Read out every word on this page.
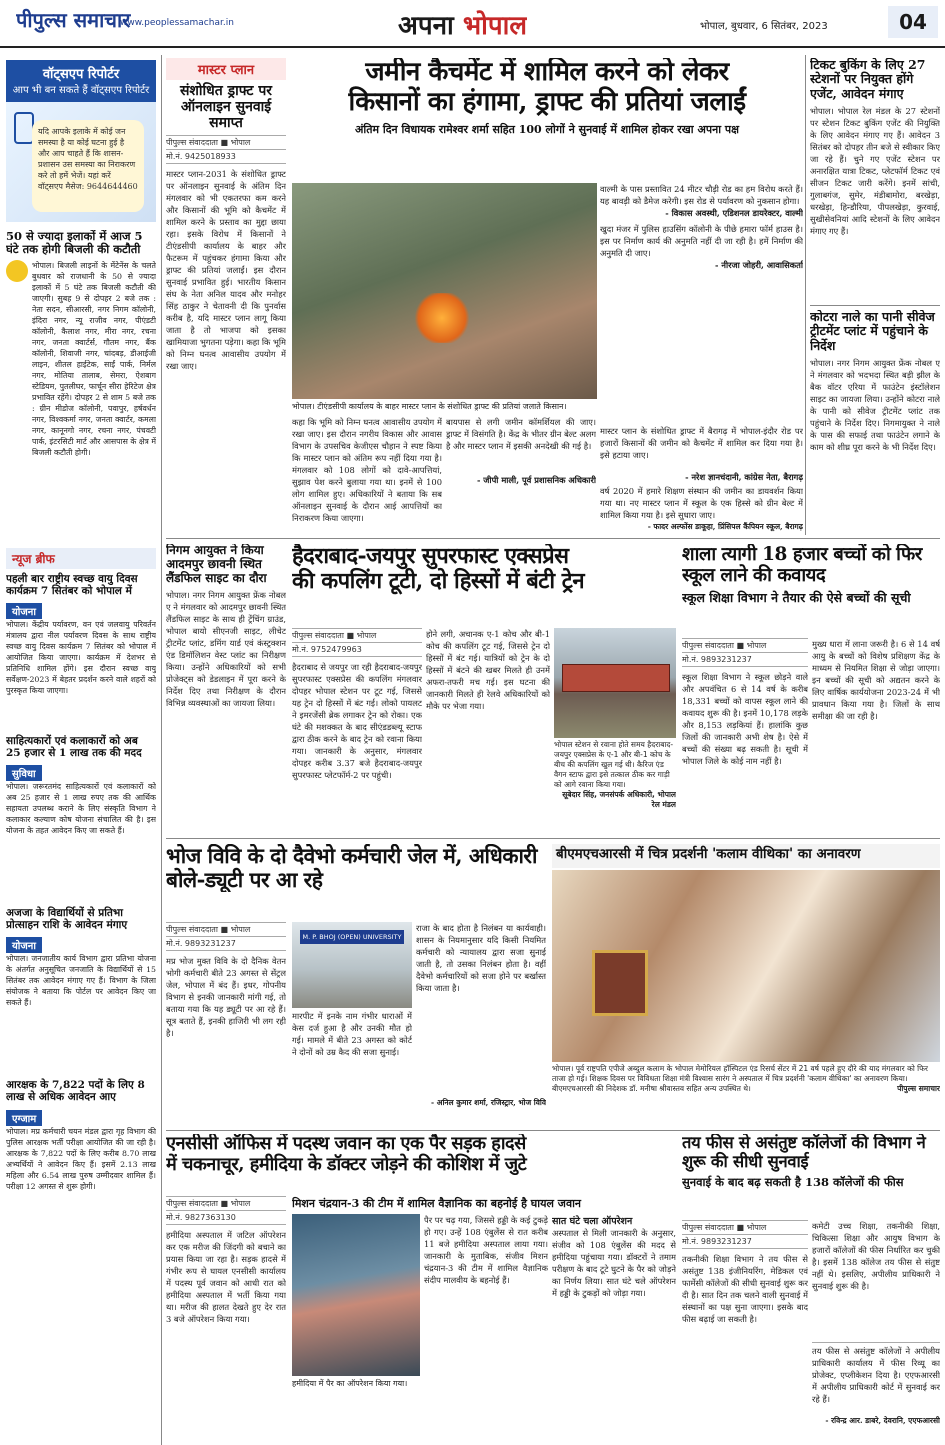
पीपुल्स समाचार
www.peoplessamachar.in	अपना भोपाल	भोपाल, बुधवार, 6 सितंबर, 2023	04
वॉट्सएप रिपोर्टर
आप भी बन सकते हैं वॉट्सएप रिपोर्टर
यदि आपके इलाके में कोई जन समस्या है या कोई घटना हुई है और आप चाहते हैं कि शासन-प्रशासन उस समस्या का निराकरण करे तो हमें भेजें। यहां करें वॉट्सएप मैसेज: 9644644460
50 से ज्यादा इलाकों में आज 5 घंटे तक होगी बिजली की कटौती
भोपाल। बिजली लाइनों के मेंटेनेंस के चलते बुधवार को राजधानी के 50 से ज्यादा इलाकों में 5 घंटे तक बिजली कटौती की जाएगी। सुबह 9 से दोपहर 2 बजे तक : नेता सदन, सीआरसी, नगर निगम कॉलोनी, इंदिरा नगर, न्यू राजीव नगर, पीएंडटी कॉलोनी, कैलाश नगर, मीरा नगर, रचना नगर, जनता क्वार्टर्स, गौतम नगर, बैंक कॉलोनी, शिवाजी नगर, चांदबड़, डीआईजी लाइन, शीतल हाईटेक, साईं पार्क, निर्मल नगर, मोतिया तालाब, सेमरा, ऐशबाग स्टेडियम, पुतलीघर, फार्चून सीरा हेरिटेज क्षेत्र प्रभावित रहेंगे। दोपहर 2 से शाम 5 बजे तक : ग्रीन मीडोज कॉलोनी, पवापुर, हर्षवर्धन नगर, विश्वकर्मा नगर, जनता क्वार्टर, कमला नगर, कानूनगो नगर, रचना नगर, पंचवटी पार्क, इंटरसिटी मार्ट और आसपास के क्षेत्र में बिजली कटौती होगी।
न्यूज ब्रीफ
पहली बार राष्ट्रीय स्वच्छ वायु दिवस कार्यक्रम 7 सितंबर को भोपाल में
योजना
भोपाल। केंद्रीय पर्यावरण, वन एवं जलवायु परिवर्तन मंत्रालय द्वारा नील पर्यावरण दिवस के साथ राष्ट्रीय स्वच्छ वायु दिवस कार्यक्रम 7 सितंबर को भोपाल में आयोजित किया जाएगा। कार्यक्रम में देशभर से प्रतिनिधि शामिल होंगे। इस दौरान स्वच्छ वायु सर्वेक्षण-2023 में बेहतर प्रदर्शन करने वाले शहरों को पुरस्कृत किया जाएगा।
साहित्यकारों एवं कलाकारों को अब 25 हजार से 1 लाख तक की मदद
सुविधा
भोपाल। जरूरतमंद साहित्यकारों एवं कलाकारों को अब 25 हजार से 1 लाख रुपए तक की आर्थिक सहायता उपलब्ध कराने के लिए संस्कृति विभाग ने कलाकार कल्याण कोष योजना संचालित की है। इस योजना के तहत आवेदन किए जा सकते हैं।
अजजा के विद्यार्थियों से प्रतिभा प्रोत्साहन राशि के आवेदन मंगाए
योजना
भोपाल। जनजातीय कार्य विभाग द्वारा प्रतिभा योजना के अंतर्गत अनुसूचित जनजाति के विद्यार्थियों से 15 सितंबर तक आवेदन मंगाए गए हैं। विभाग के जिला संयोजक ने बताया कि पोर्टल पर आवेदन किए जा सकते हैं।
आरक्षक के 7,822 पदों के लिए 8 लाख से अधिक आवेदन आए
एग्जाम
भोपाल। मप्र कर्मचारी चयन मंडल द्वारा गृह विभाग की पुलिस आरक्षक भर्ती परीक्षा आयोजित की जा रही है। आरक्षक के 7,822 पदों के लिए करीब 8.70 लाख अभ्यर्थियों ने आवेदन किए हैं। इसमें 2.13 लाख महिला और 6.54 लाख पुरुष उम्मीदवार शामिल हैं। परीक्षा 12 अगस्त से शुरू होगी।
मास्टर प्लान
संशोधित ड्राफ्ट पर ऑनलाइन सुनवाई समाप्त
पीपुल्स संवाददाता ■ भोपाल
मो.नं. 9425018933
मास्टर प्लान-2031 के संशोधित ड्राफ्ट पर ऑनलाइन सुनवाई के अंतिम दिन मंगलवार को भी एकतरफा कम करने और किसानों की भूमि को कैचमेंट में शामिल करने के प्रस्ताव का मुद्दा छाया रहा। इसके विरोध में किसानों ने टीएंडसीपी कार्यालय के बाहर और फैटरूम में पहुंचकर हंगामा किया और ड्राफ्ट की प्रतियां जलाईं। इस दौरान सुनवाई प्रभावित हुई। भारतीय किसान संघ के नेता अनिल यादव और मनोहर सिंह ठाकुर ने चेतावनी दी कि पुनर्वास करीब है, यदि मास्टर प्लान लागू किया जाता है तो भाजपा को इसका खामियाजा भुगतना पड़ेगा। कहा कि भूमि को निम्न घनत्व आवासीय उपयोग में रखा जाए।
जमीन कैचमेंट में शामिल करने को लेकर
किसानों का हंगामा, ड्राफ्ट की प्रतियां जलाईं
अंतिम दिन विधायक रामेश्वर शर्मा सहित 100 लोगों ने सुनवाई में शामिल होकर रखा अपना पक्ष
भोपाल। टीएंडसीपी कार्यालय के बाहर मास्टर प्लान के संशोधित ड्राफ्ट की प्रतियां जलाते किसान।
वाल्मी के पास प्रस्तावित 24 मीटर चौड़ी रोड का हम विरोध करते हैं। यह बावड़ी को डैमेज करेगी। इस रोड से पर्यावरण को नुकसान होगा।
- विकास अवस्थी, एडिशनल डायरेक्टर, वाल्मी
खुदा मंजर में पुलिस हाउसिंग कॉलोनी के पीछे हमारा फॉर्म हाउस है। इस पर निर्माण कार्य की अनुमति नहीं दी जा रही है। हमें निर्माण की अनुमति दी जाए।
- नीरजा जोहरी, आवासिकर्ता
कहा कि भूमि को निम्न घनत्व आवासीय उपयोग में रखा जाए। इस दौरान नगरीय विकास और आवास विभाग के उपसचिव केजीएस चौहान ने स्पष्ट किया कि मास्टर प्लान को अंतिम रूप नहीं दिया गया है। मंगलवार को 108 लोगों को दावे-आपत्तियां, सुझाव पेश करने बुलाया गया था। इनमें से 100 लोग शामिल हुए। अधिकारियों ने बताया कि सब ऑनलाइन सुनवाई के दौरान आई आपत्तियों का निराकरण किया जाएगा।
बायपास से लगी जमीन कॉमर्शियल की जाए। ड्राफ्ट में विसंगति है। केंद्र के भीतर ग्रीन बेल्ट अलग है और मास्टर प्लान में इसकी अनदेखी की गई है।
- जीपी माली, पूर्व प्रशासनिक अधिकारी
मास्टर प्लान के संशोधित ड्राफ्ट में बैरागढ़ में भोपाल-इंदौर रोड पर हजारों किसानों की जमीन को कैचमेंट में शामिल कर दिया गया है। इसे हटाया जाए।
- नरेश ज्ञानचंदानी, कांग्रेस नेता, बैरागढ़
वर्ष 2020 में हमारे शिक्षण संस्थान की जमीन का डायवर्शन किया गया था। नए मास्टर प्लान में स्कूल के एक हिस्से को ग्रीन बेल्ट में शामिल किया गया है। इसे सुधारा जाए।
- फादर अल्फोंस डाकूहा, प्रिंसिपल कैंपियन स्कूल, बैरागढ़
टिकट बुकिंग के लिए 27 स्टेशनों पर नियुक्त होंगे एजेंट, आवेदन मंगाए
भोपाल। भोपाल रेल मंडल के 27 स्टेशनों पर स्टेशन टिकट बुकिंग एजेंट की नियुक्ति के लिए आवेदन मंगाए गए हैं। आवेदन 3 सितंबर को दोपहर तीन बजे से स्वीकार किए जा रहे हैं। चुने गए एजेंट स्टेशन पर अनारक्षित यात्रा टिकट, प्लेटफॉर्म टिकट एवं सीजन टिकट जारी करेंगे। इनमें सांची, गुलाबगंज, सुमेर, मंडीबामोरा, बरखेड़ा, धरखेड़ा, हिन्डौरिया, पीपलखेड़ा, कुरवाई, सुखीसेवनियां आदि स्टेशनों के लिए आवेदन मंगाए गए हैं।
कोटरा नाले का पानी सीवेज ट्रीटमेंट प्लांट में पहुंचाने के निर्देश
भोपाल। नगर निगम आयुक्त फ्रेंक नोबल ए ने मंगलवार को भदभदा स्थित बड़ी झील के बैक वॉटर एरिया में फाउंटेन इंस्टॉलेशन साइट का जायजा लिया। उन्होंने कोटरा नाले के पानी को सीवेज ट्रीटमेंट प्लांट तक पहुंचाने के निर्देश दिए। निगमायुक्त ने नाले के पास की सफाई तथा फाउंटेन लगाने के काम को शीघ्र पूरा करने के भी निर्देश दिए।
निगम आयुक्त ने किया आदमपुर छावनी स्थित लैंडफिल साइट का दौरा
भोपाल। नगर निगम आयुक्त फ्रेंक नोबल ए ने मंगलवार को आदमपुर छावनी स्थित लैंडफिल साइट के साथ ही ट्रेंचिंग ग्राउंड, भोपाल बायो सीएनजी साइट, लीचेट ट्रीटमेंट प्लांट, डमिंग यार्ड एवं कंस्ट्रक्शन एंड डिमॉलिशन वेस्ट प्लांट का निरीक्षण किया। उन्होंने अधिकारियों को सभी प्रोजेक्ट्स को डेडलाइन में पूरा करने के निर्देश दिए तथा निरीक्षण के दौरान विभिन्न व्यवस्थाओं का जायजा लिया।
हैदराबाद-जयपुर सुपरफास्ट एक्सप्रेस
की कपलिंग टूटी, दो हिस्सों में बंटी ट्रेन
पीपुल्स संवाददाता ■ भोपाल
मो.नं. 9752479963
हैदराबाद से जयपुर जा रही हैदराबाद-जयपुर सुपरफास्ट एक्सप्रेस की कपलिंग मंगलवार दोपहर भोपाल स्टेशन पर टूट गई, जिससे यह ट्रेन दो हिस्सों में बंट गई। लोको पायलट ने इमरजेंसी ब्रेक लगाकर ट्रेन को रोका। एक घंटे की मशक्कत के बाद सीएंडडब्ल्यू स्टाफ द्वारा ठीक करने के बाद ट्रेन को रवाना किया गया। जानकारी के अनुसार, मंगलवार दोपहर करीब 3.37 बजे हैदराबाद-जयपुर सुपरफास्ट प्लेटफॉर्म-2 पर पहुंची।
होने लगी, अचानक ए-1 कोच और बी-1 कोच की कपलिंग टूट गई, जिससे ट्रेन दो हिस्सों में बंट गई। यात्रियों को ट्रेन के दो हिस्सों में बंटने की खबर मिलते ही उनमें अफरा-तफरी मच गई। इस घटना की जानकारी मिलते ही रेलवे अधिकारियों को मौके पर भेजा गया।
भोपाल स्टेशन से रवाना होते समय हैदराबाद-जयपुर एक्सप्रेस के ए-1 और बी-1 कोच के बीच की कपलिंग खुल गई थी। कैरिज एंड वैगन स्टाफ द्वारा इसे तत्काल ठीक कर गाड़ी को आगे रवाना किया गया।
सूबेदार सिंह, जनसंपर्क अधिकारी, भोपाल रेल मंडल
शाला त्यागी 18 हजार बच्चों को फिर स्कूल लाने की कवायद
स्कूल शिक्षा विभाग ने तैयार की ऐसे बच्चों की सूची
पीपुल्स संवाददाता ■ भोपाल
मो.नं. 9893231237
स्कूल शिक्षा विभाग ने स्कूल छोड़ने वाले और अपवंचित 6 से 14 वर्ष के करीब 18,331 बच्चों को वापस स्कूल लाने की कवायद शुरू की है। इनमें 10,178 लड़के और 8,153 लड़कियां हैं। हालांकि कुछ जिलों की जानकारी अभी शेष है। ऐसे में बच्चों की संख्या बढ़ सकती है। सूची में भोपाल जिले के कोई नाम नहीं है।
मुख्य धारा में लाना जरूरी है। 6 से 14 वर्ष आयु के बच्चों को विशेष प्रशिक्षण केंद्र के माध्यम से नियमित शिक्षा से जोड़ा जाएगा। इन बच्चों की सूची को अद्यतन करने के लिए वार्षिक कार्ययोजना 2023-24 में भी प्रावधान किया गया है। जिलों के साथ समीक्षा की जा रही है।
भोज विवि के दो दैवेभो कर्मचारी जेल में, अधिकारी बोले-ड्यूटी पर आ रहे
पीपुल्स संवाददाता ■ भोपाल
मो.नं. 9893231237
मप्र भोज मुक्त विवि के दो दैनिक वेतन भोगी कर्मचारी बीते 23 अगस्त से सेंट्रल जेल, भोपाल में बंद हैं। इधर, गोपनीय विभाग से इनकी जानकारी मांगी गई, तो बताया गया कि यह ड्यूटी पर आ रहे हैं। सूत्र बताते हैं, इनकी हाजिरी भी लग रही है।
M. P. BHOJ (OPEN) UNIVERSITY
मारपीट में इनके नाम गंभीर धाराओं में केस दर्ज हुआ है और उनकी मौत हो गई। मामले में बीते 23 अगस्त को कोर्ट ने दोनों को उम्र कैद की सजा सुनाई।
राजा के बाद होता है निलंबन या कार्यवाही। शासन के नियमानुसार यदि किसी नियमित कर्मचारी को न्यायालय द्वारा सजा सुनाई जाती है, तो उसका निलंबन होता है। वहीं दैवेभो कर्मचारियों को सजा होने पर बर्खास्त किया जाता है।
- अनिल कुमार शर्मा, रजिस्ट्रार, भोज विवि
बीएमएचआरसी में चित्र प्रदर्शनी 'कलाम वीथिका' का अनावरण
भोपाल। पूर्व राष्ट्रपति एपीजे अब्दुल कलाम के भोपाल मेमोरियल हॉस्पिटल एंड रिसर्च सेंटर में 21 वर्ष पहले हुए दौरे की याद मंगलवार को फिर ताजा हो गई। शिक्षक दिवस पर विविधता शिक्षा मंत्री विश्वास सारंग ने अस्पताल में चित्र प्रदर्शनी 'कलाम वीथिका' का अनावरण किया। बीएमएचआरसी की निदेशक डॉ. मनीषा श्रीवास्तव सहित अन्य उपस्थित थे।	पीपुल्स समाचार
एनसीसी ऑफिस में पदस्थ जवान का एक पैर सड़क हादसे
में चकनाचूर, हमीदिया के डॉक्टर जोड़ने की कोशिश में जुटे
पीपुल्स संवाददाता ■ भोपाल
मो.नं. 9827363130
हमीदिया अस्पताल में जटिल ऑपरेशन कर एक मरीज की जिंदगी को बचाने का प्रयास किया जा रहा है। सड़क हादसे में गंभीर रूप से घायल एनसीसी कार्यालय में पदस्थ पूर्व जवान को आधी रात को हमीदिया अस्पताल में भर्ती किया गया था। मरीज की हालत देखते हुए देर रात 3 बजे ऑपरेशन किया गया।
मिशन चंद्रयान-3 की टीम में शामिल वैज्ञानिक का बहनोई है घायल जवान
हमीदिया में पैर का ऑपरेशन किया गया।
पैर पर चढ़ गया, जिससे हड्डी के कई टुकड़े हो गए। उन्हें 108 एंबुलेंस से रात करीब 11 बजे हमीदिया अस्पताल लाया गया। जानकारी के मुताबिक, संजीव मिशन चंद्रयान-3 की टीम में शामिल वैज्ञानिक संदीप मालवीय के बहनोई हैं।
सात घंटे चला ऑपरेशन
अस्पताल से मिली जानकारी के अनुसार, संजीव को 108 एंबुलेंस की मदद से हमीदिया पहुंचाया गया। डॉक्टरों ने तमाम परीक्षण के बाद टूटे घुटने के पैर को जोड़ने का निर्णय लिया। सात घंटे चले ऑपरेशन में हड्डी के टुकड़ों को जोड़ा गया।
तय फीस से असंतुष्ट कॉलेजों की विभाग ने शुरू की सीधी सुनवाई
सुनवाई के बाद बढ़ सकती है 138 कॉलेजों की फीस
पीपुल्स संवाददाता ■ भोपाल
मो.नं. 9893231237
तकनीकी शिक्षा विभाग ने तय फीस से असंतुष्ट 138 इंजीनियरिंग, मेडिकल एवं फार्मेसी कॉलेजों की सीधी सुनवाई शुरू कर दी है। सात दिन तक चलने वाली सुनवाई में संस्थानों का पक्ष सुना जाएगा। इसके बाद फीस बढ़ाई जा सकती है।
कमेटी उच्च शिक्षा, तकनीकी शिक्षा, चिकित्सा शिक्षा और आयुष विभाग के हजारों कॉलेजों की फीस निर्धारित कर चुकी है। इसमें 138 कॉलेज तय फीस से संतुष्ट नहीं थे। इसलिए, अपीलीय प्राधिकारी ने सुनवाई शुरू की है।
तय फीस से असंतुष्ट कॉलेजों ने अपीलीय प्राधिकारी कार्यालय में फीस रिव्यू का प्रोजेक्ट, एप्लीकेशन दिया है। एएफआरसी में अपीलीय प्राधिकारी कोर्ट में सुनवाई कर रहे हैं।
- रविन्द्र आर. डाबरे, देवरानि, एएफआरसी
